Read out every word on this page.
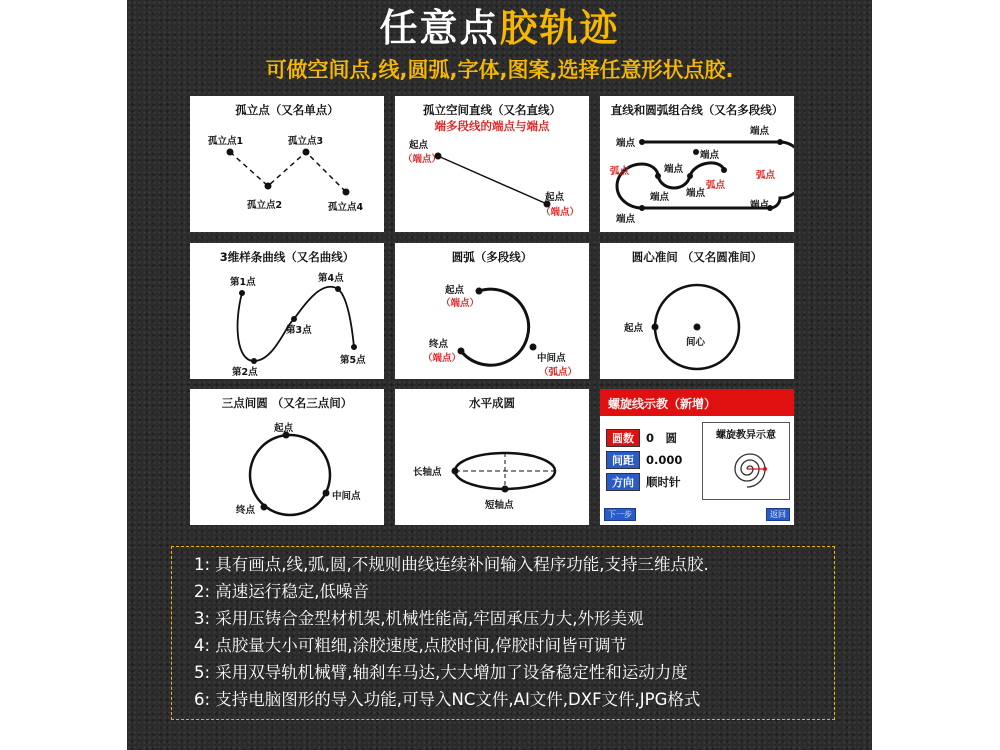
任意点胶轨迹
可做空间点,线,圆弧,字体,图案,选择任意形状点胶.
孤立点（又名单点）
孤立点1
孤立点2
孤立点3
孤立点4
孤立空间直线（又名直线）
端多段线的端点与端点
起点
（端点）
起点
（端点）
直线和圆弧组合线（又名多段线）
端点
端点
弧点	端点
端点
弧点
弧点
端点 端点
端点
端点
3维样条曲线（又名曲线）
第1点	第4点
第3点
第2点
第5点
圆弧（多段线）
起点
（端点）
终点
（端点）	中间点
（弧点）
圆心准间 （又名圆准间）
起点
间心
三点间圆 （又名三点间）
起点
中间点
终点
水平成圆
长轴点
短轴点
螺旋线示教（新增）
圆数	0　圆
间距	0.000
方向	顺时针
螺旋教异示意
下一步	返回
1: 具有画点,线,弧,圆,不规则曲线连续补间输入程序功能,支持三维点胶.
2: 高速运行稳定,低噪音
3: 采用压铸合金型材机架,机械性能高,牢固承压力大,外形美观
4: 点胶量大小可粗细,涂胶速度,点胶时间,停胶时间皆可调节
5: 采用双导轨机械臂,轴刹车马达,大大增加了设备稳定性和运动力度
6: 支持电脑图形的导入功能,可导入NC文件,AI文件,DXF文件,JPG格式
